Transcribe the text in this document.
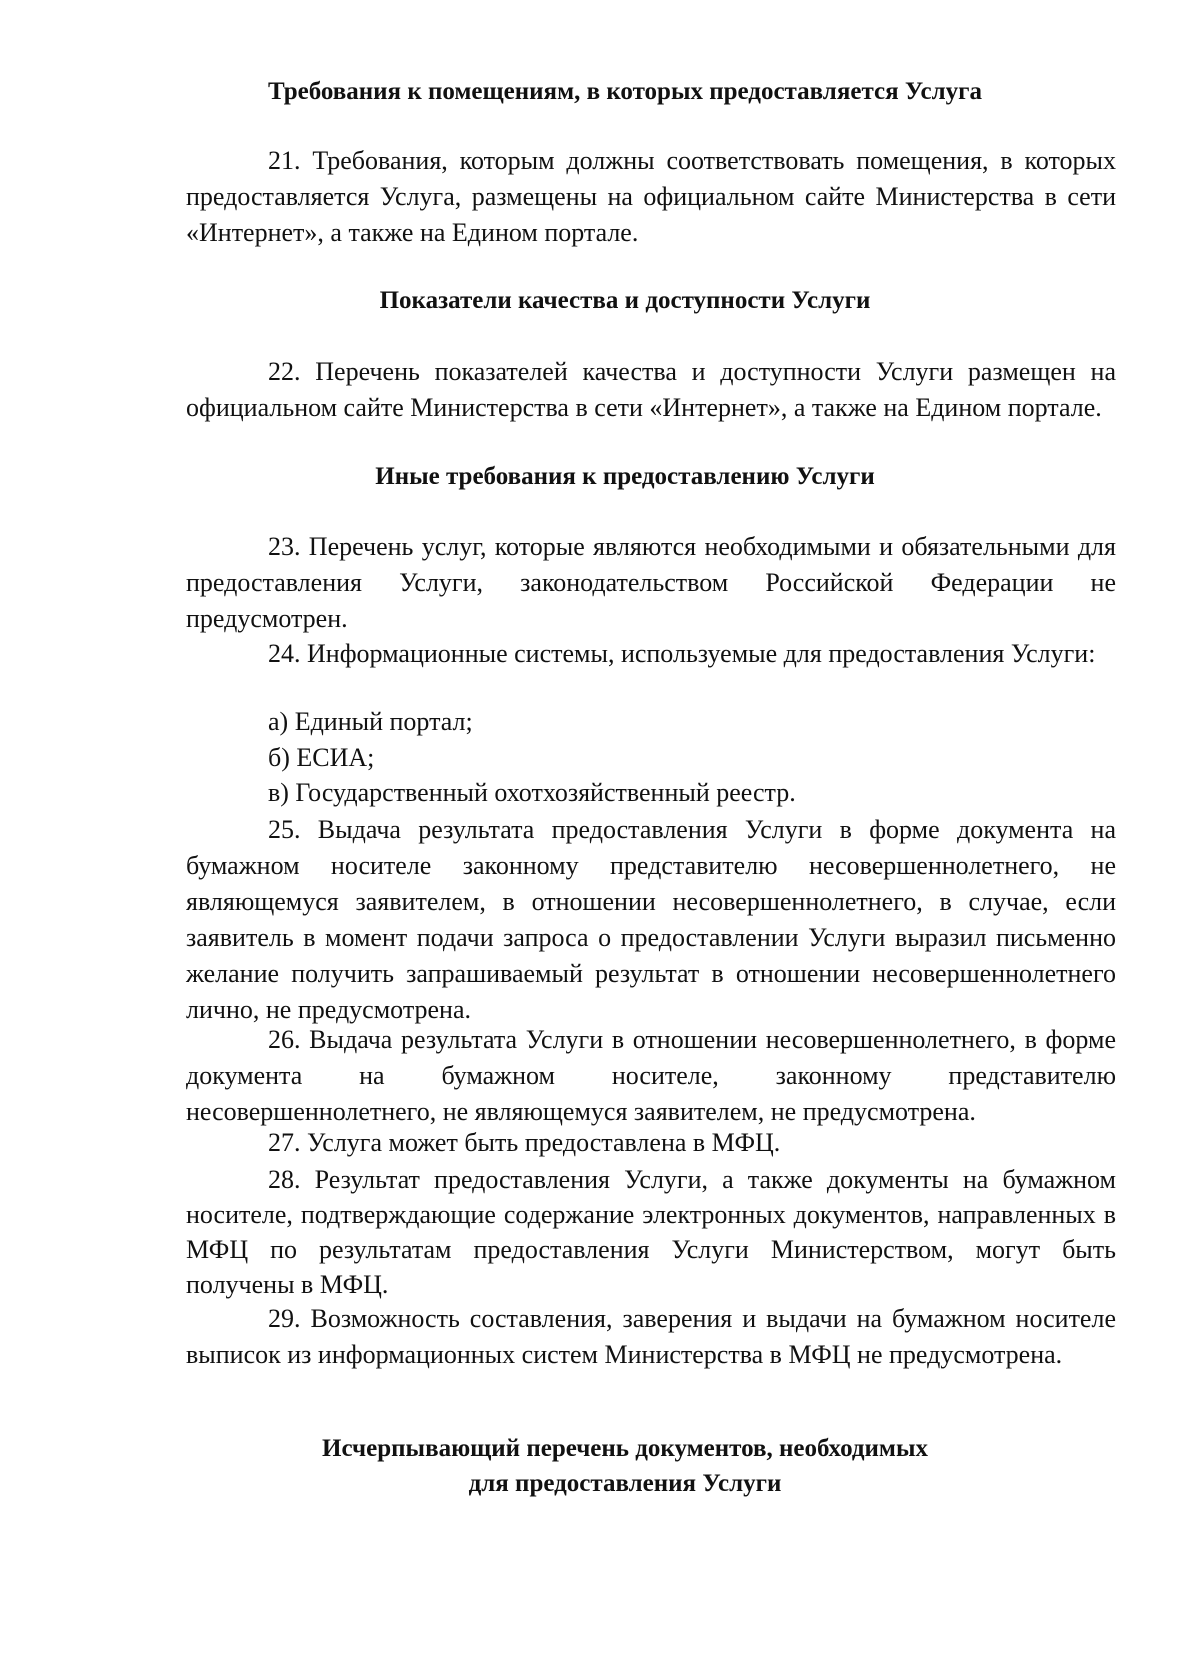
Требования к помещениям, в которых предоставляется Услуга

21. Требования, которым должны соответствовать помещения, в которых предоставляется Услуга, размещены на официальном сайте Министерства в сети «Интернет», а также на Едином портале.

Показатели качества и доступности Услуги

22. Перечень показателей качества и доступности Услуги размещен на официальном сайте Министерства в сети «Интернет», а также на Едином портале.

Иные требования к предоставлению Услуги

23. Перечень услуг, которые являются необходимыми и обязательными для предоставления Услуги, законодательством Российской Федерации не предусмотрен.

24. Информационные системы, используемые для предоставления Услуги:

а) Единый портал;

б) ЕСИА;

в) Государственный охотхозяйственный реестр.

25. Выдача результата предоставления Услуги в форме документа на бумажном носителе законному представителю несовершеннолетнего, не являющемуся заявителем, в отношении несовершеннолетнего, в случае, если заявитель в момент подачи запроса о предоставлении Услуги выразил письменно желание получить запрашиваемый результат в отношении несовершеннолетнего лично, не предусмотрена.

26. Выдача результата Услуги в отношении несовершеннолетнего, в форме документа на бумажном носителе, законному представителю несовершеннолетнего, не являющемуся заявителем, не предусмотрена.

27. Услуга может быть предоставлена в МФЦ.

28. Результат предоставления Услуги, а также документы на бумажном носителе, подтверждающие содержание электронных документов, направленных в МФЦ по результатам предоставления Услуги Министерством, могут быть получены в МФЦ.

29. Возможность составления, заверения и выдачи на бумажном носителе выписок из информационных систем Министерства в МФЦ не предусмотрена.

Исчерпывающий перечень документов, необходимых
для предоставления Услуги
